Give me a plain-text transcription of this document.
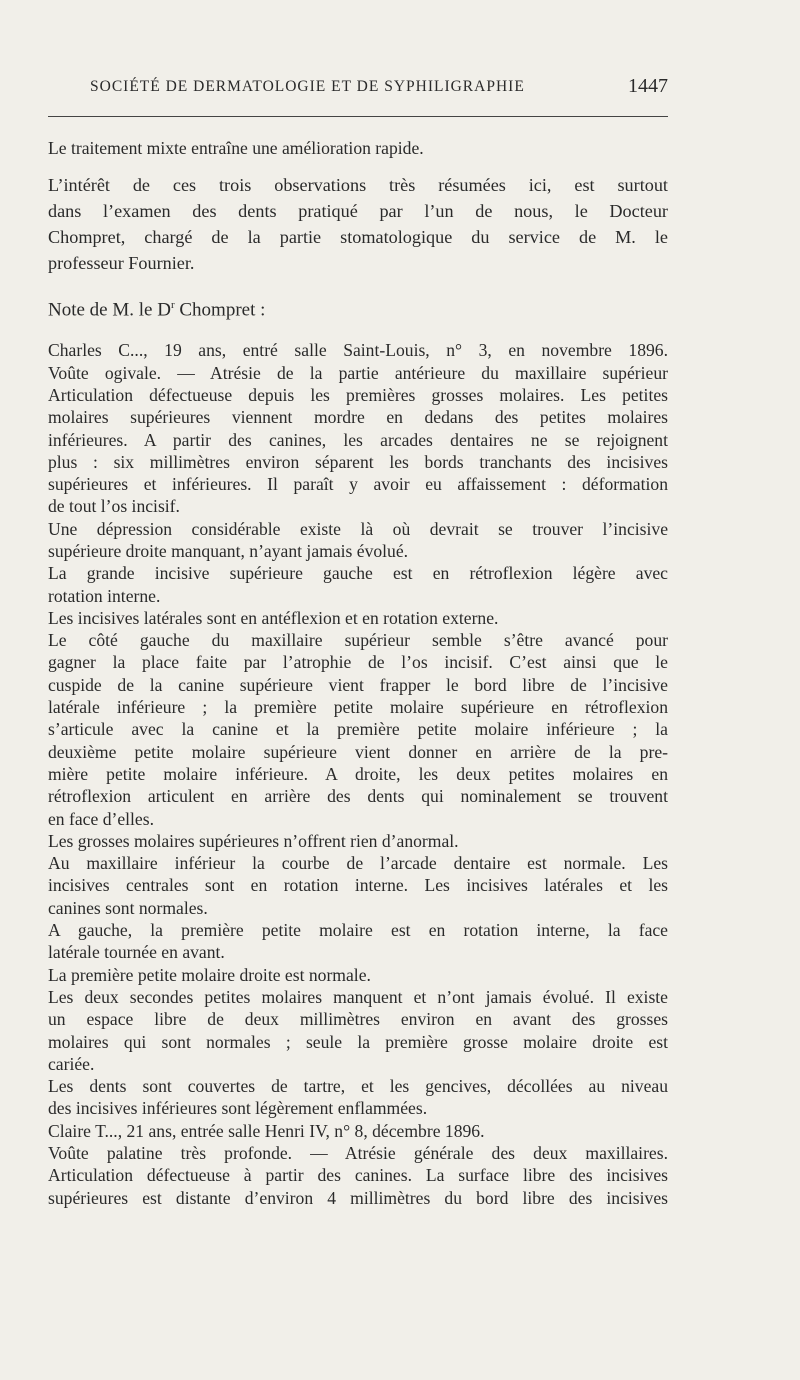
SOCIÉTÉ DE DERMATOLOGIE ET DE SYPHILIGRAPHIE	1447
Le traitement mixte entraîne une amélioration rapide.
L’intérêt de ces trois observations très résumées ici, est surtout
dans l’examen des dents pratiqué par l’un de nous, le Docteur
Chompret, chargé de la partie stomatologique du service de M. le
professeur Fournier.

Note de M. le $D^r$ Chompret :

Charles C..., 19 ans, entré salle Saint-Louis, n° 3, en novembre 1896.
Voûte ogivale. — Atrésie de la partie antérieure du maxillaire supérieur
Articulation défectueuse depuis les premières grosses molaires. Les petites
molaires supérieures viennent mordre en dedans des petites molaires
inférieures. A partir des canines, les arcades dentaires ne se rejoignent
plus : six millimètres environ séparent les bords tranchants des incisives
supérieures et inférieures. Il paraît y avoir eu affaissement : déformation
de tout l’os incisif.
Une dépression considérable existe là où devrait se trouver l’incisive
supérieure droite manquant, n’ayant jamais évolué.
La grande incisive supérieure gauche est en rétroflexion légère avec
rotation interne.
Les incisives latérales sont en antéflexion et en rotation externe.
Le côté gauche du maxillaire supérieur semble s’être avancé pour
gagner la place faite par l’atrophie de l’os incisif. C’est ainsi que le
cuspide de la canine supérieure vient frapper le bord libre de l’incisive
latérale inférieure ; la première petite molaire supérieure en rétroflexion
s’articule avec la canine et la première petite molaire inférieure ; la
deuxième petite molaire supérieure vient donner en arrière de la pre-
mière petite molaire inférieure. A droite, les deux petites molaires en
rétroflexion articulent en arrière des dents qui nominalement se trouvent
en face d’elles.
Les grosses molaires supérieures n’offrent rien d’anormal.
Au maxillaire inférieur la courbe de l’arcade dentaire est normale. Les
incisives centrales sont en rotation interne. Les incisives latérales et les
canines sont normales.
A gauche, la première petite molaire est en rotation interne, la face
latérale tournée en avant.
La première petite molaire droite est normale.
Les deux secondes petites molaires manquent et n’ont jamais évolué. Il existe
un espace libre de deux millimètres environ en avant des grosses
molaires qui sont normales ; seule la première grosse molaire droite est
cariée.
Les dents sont couvertes de tartre, et les gencives, décollées au niveau
des incisives inférieures sont légèrement enflammées.
Claire T..., 21 ans, entrée salle Henri IV, n° 8, décembre 1896.
Voûte palatine très profonde. — Atrésie générale des deux maxillaires.
Articulation défectueuse à partir des canines. La surface libre des incisives
supérieures est distante d’environ 4 millimètres du bord libre des incisives
